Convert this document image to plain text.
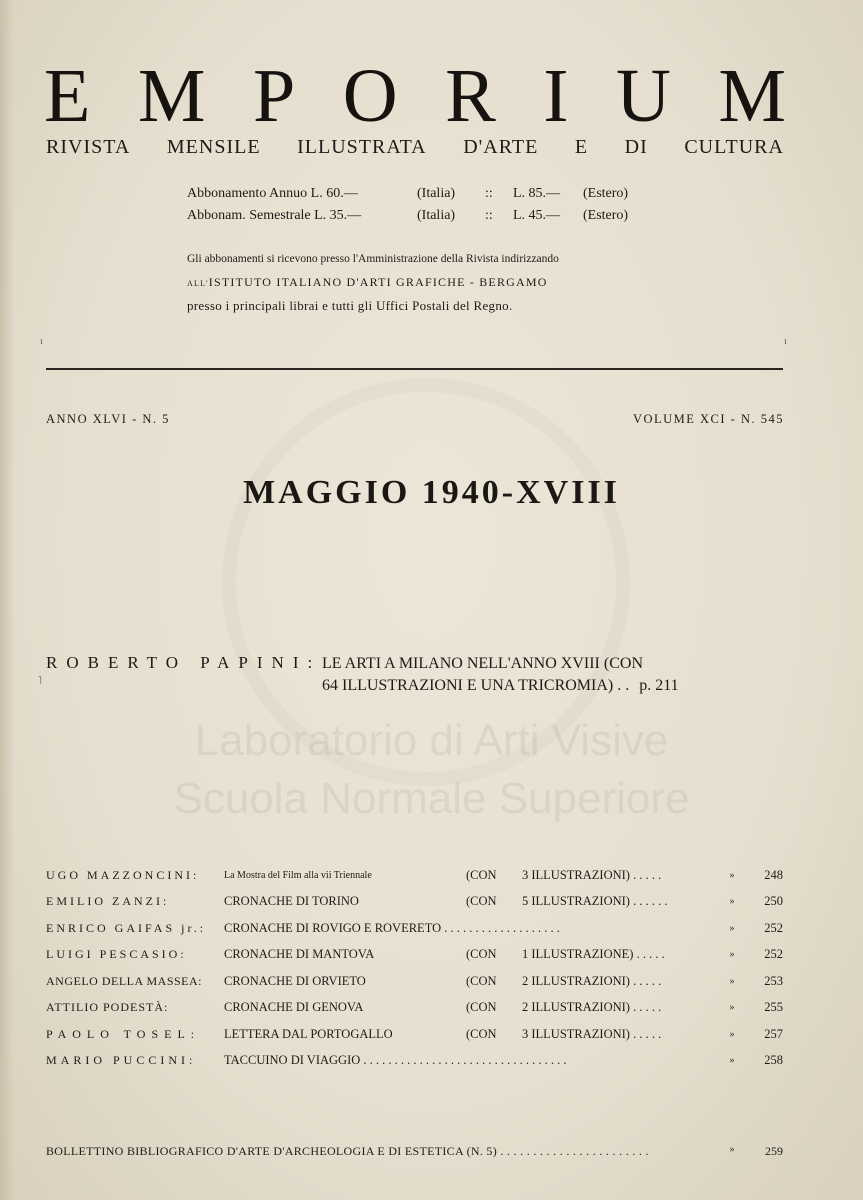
E M P O R I U M
RIVISTA MENSILE ILLUSTRATA D'ARTE E DI CULTURA
Abbonamento Annuo L. 60.—	(Italia)	::	L. 85.—	(Estero)
Abbonam. Semestrale L. 35.—	(Italia)	::	L. 45.—	(Estero)
Gli abbonamenti si ricevono presso l'Amministrazione della Rivista indirizzando
ALL'ISTITUTO ITALIANO D'ARTI GRAFICHE - BERGAMO
presso i principali librai e tutti gli Uffici Postali del Regno.
ı	ı
ANNO XLVI - N. 5	VOLUME XCI - N. 545
MAGGIO 1940-XVIII
Laboratorio di Arti Visive
Scuola Normale Superiore
ROBERTO PAPINI: LE ARTI A MILANO NELL'ANNO XVIII (CON
64 ILLUSTRAZIONI E UNA TRICROMIA) . . p. 211
˥
UGO MAZZONCINI:	La Mostra del Film alla vii Triennale	(CON	3 ILLUSTRAZIONI) . . . . .	»	248
EMILIO ZANZI:	CRONACHE DI TORINO	(CON	5 ILLUSTRAZIONI) . . . . . .	»	250
ENRICO GAIFAS jr.:	CRONACHE DI ROVIGO E ROVERETO . . . . . . . . . . . . . . . . . . .	»	252
LUIGI PESCASIO:	CRONACHE DI MANTOVA	(CON	1 ILLUSTRAZIONE) . . . . .	»	252
ANGELO DELLA MASSEA:	CRONACHE DI ORVIETO	(CON	2 ILLUSTRAZIONI) . . . . .	»	253
ATTILIO PODESTÀ:	CRONACHE DI GENOVA	(CON	2 ILLUSTRAZIONI) . . . . .	»	255
PAOLO TOSEL:	LETTERA DAL PORTOGALLO	(CON	3 ILLUSTRAZIONI) . . . . .	»	257
MARIO PUCCINI:	TACCUINO DI VIAGGIO . . . . . . . . . . . . . . . . . . . . . . . . . . . . . . . . .	»	258
BOLLETTINO BIBLIOGRAFICO D'ARTE D'ARCHEOLOGIA E DI ESTETICA (N. 5) . . . . . . . . . . . . . . . . . . . . . . .	»	259
